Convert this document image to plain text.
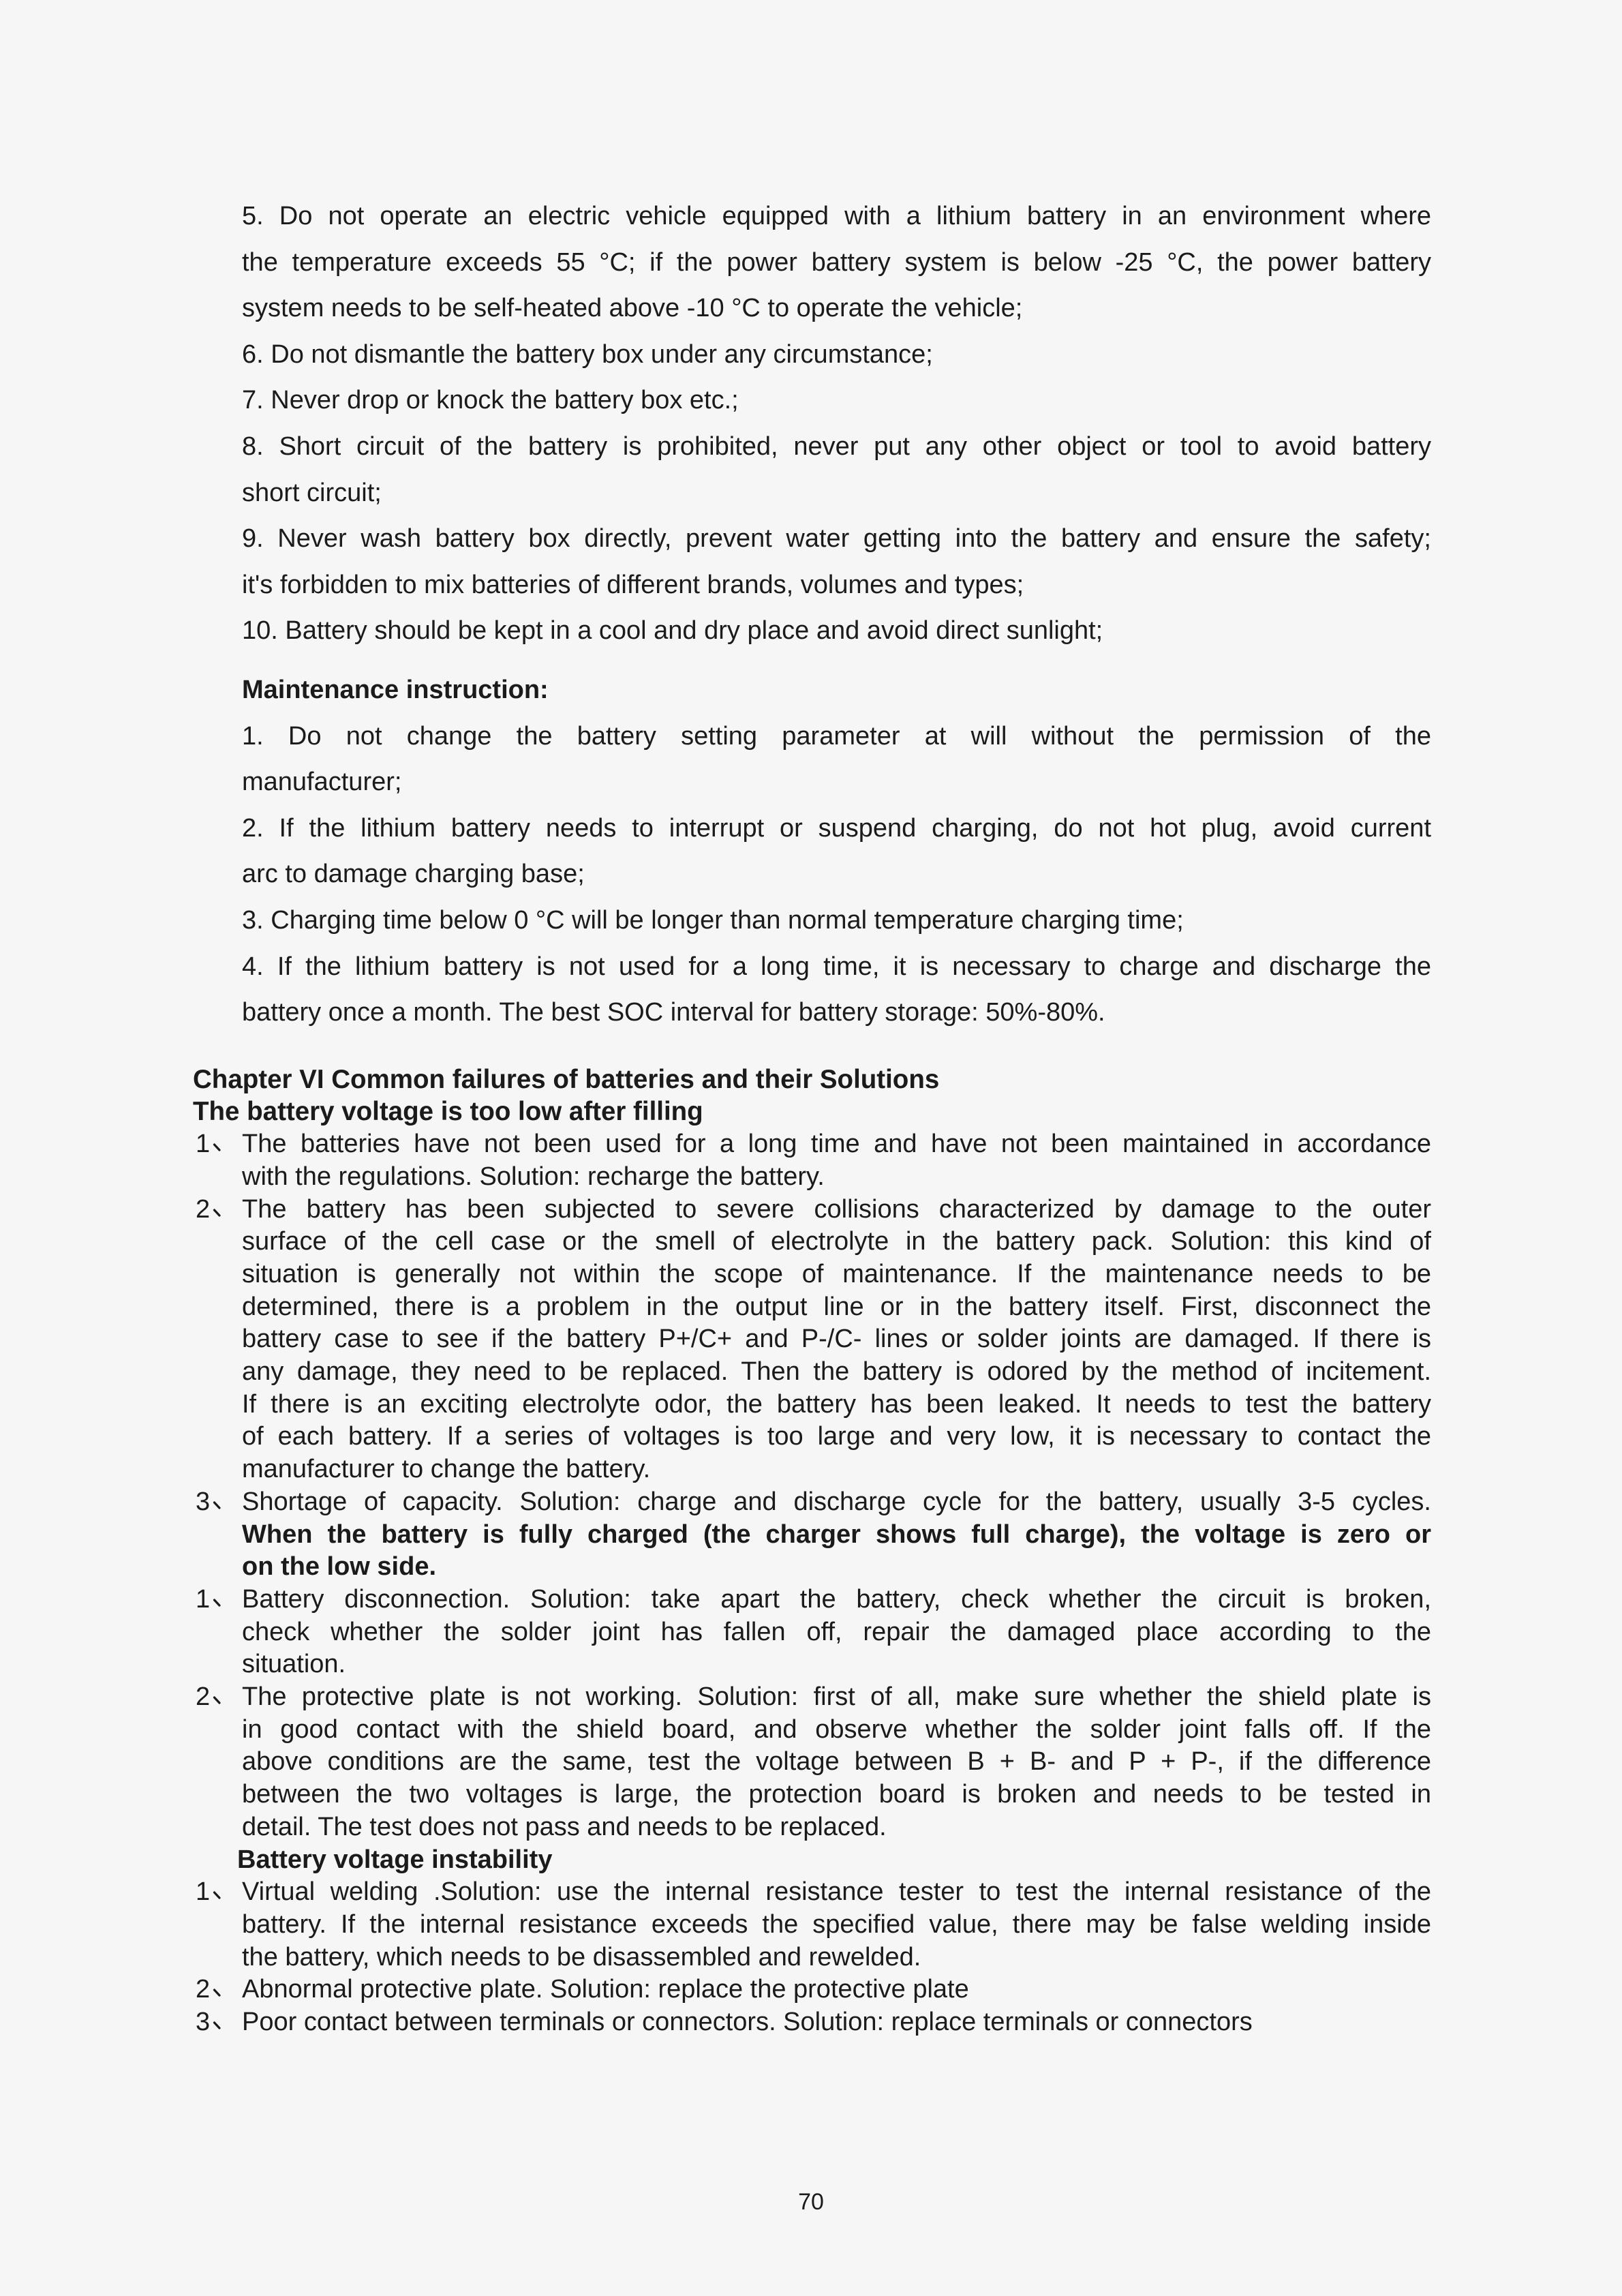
5. Do not operate an electric vehicle equipped with a lithium battery in an environment where
the temperature exceeds 55 °C; if the power battery system is below -25 °C, the power battery
system needs to be self-heated above -10 °C to operate the vehicle;
6. Do not dismantle the battery box under any circumstance;
7. Never drop or knock the battery box etc.;
8. Short circuit of the battery is prohibited, never put any other object or tool to avoid battery
short circuit;
9. Never wash battery box directly, prevent water getting into the battery and ensure the safety;
it's forbidden to mix batteries of different brands, volumes and types;
10. Battery should be kept in a cool and dry place and avoid direct sunlight;
Maintenance instruction:
1. Do not change the battery setting parameter at will without the permission of the
manufacturer;
2. If the lithium battery needs to interrupt or suspend charging, do not hot plug, avoid current
arc to damage charging base;
3. Charging time below 0 °C will be longer than normal temperature charging time;
4. If the lithium battery is not used for a long time, it is necessary to charge and discharge the
battery once a month. The best SOC interval for battery storage: 50%-80%.
Chapter VI Common failures of batteries and their Solutions
The battery voltage is too low after filling
1	The batteries have not been used for a long time and have not been maintained in accordance
with the regulations. Solution: recharge the battery.
2	The battery has been subjected to severe collisions characterized by damage to the outer
surface of the cell case or the smell of electrolyte in the battery pack. Solution: this kind of
situation is generally not within the scope of maintenance. If the maintenance needs to be
determined, there is a problem in the output line or in the battery itself. First, disconnect the
battery case to see if the battery P+/C+ and P-/C- lines or solder joints are damaged. If there is
any damage, they need to be replaced. Then the battery is odored by the method of incitement.
If there is an exciting electrolyte odor, the battery has been leaked. It needs to test the battery
of each battery. If a series of voltages is too large and very low, it is necessary to contact the
manufacturer to change the battery.
3	Shortage of capacity. Solution: charge and discharge cycle for the battery, usually 3-5 cycles.
When the battery is fully charged (the charger shows full charge), the voltage is zero or
on the low side.
1	Battery disconnection. Solution: take apart the battery, check whether the circuit is broken,
check whether the solder joint has fallen off, repair the damaged place according to the
situation.
2	The protective plate is not working. Solution: first of all, make sure whether the shield plate is
in good contact with the shield board, and observe whether the solder joint falls off. If the
above conditions are the same, test the voltage between B + B- and P + P-, if the difference
between the two voltages is large, the protection board is broken and needs to be tested in
detail. The test does not pass and needs to be replaced.
Battery voltage instability
1	Virtual welding .Solution: use the internal resistance tester to test the internal resistance of the
battery. If the internal resistance exceeds the specified value, there may be false welding inside
the battery, which needs to be disassembled and rewelded.
2	Abnormal protective plate. Solution: replace the protective plate
3	Poor contact between terminals or connectors. Solution: replace terminals or connectors
70
